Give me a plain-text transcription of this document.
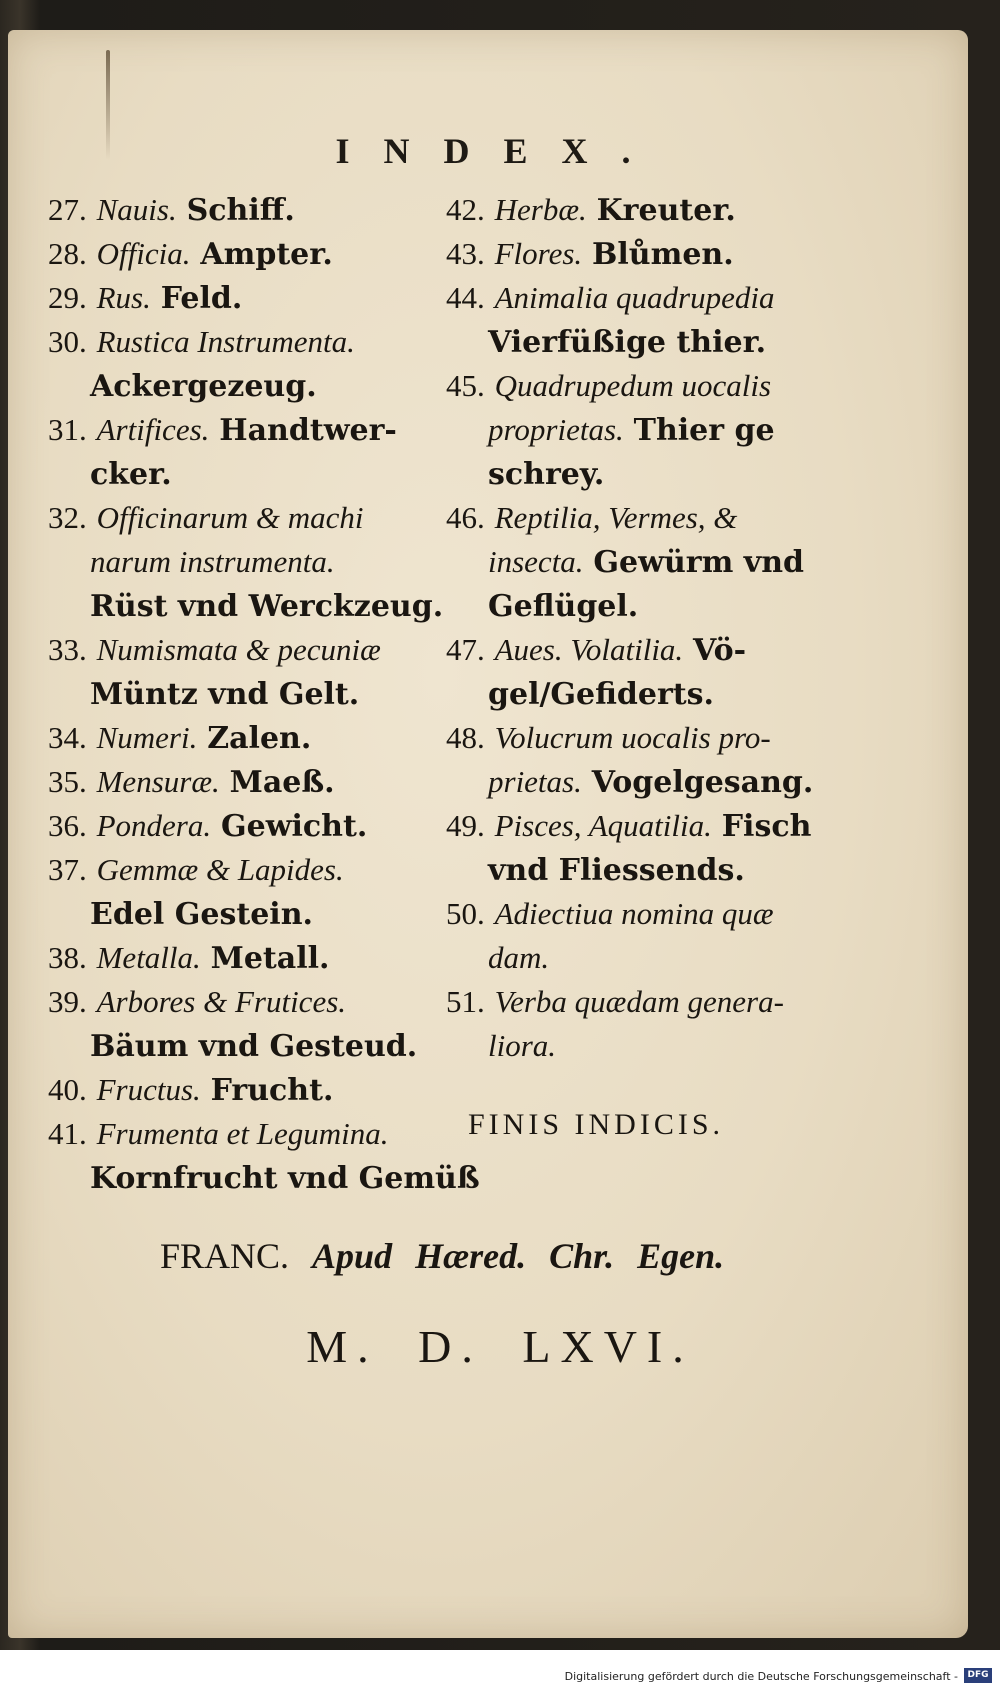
INDEX.
27. Nauis. Schiff.
28. Officia. Ampter.
29. Rus. Feld.
30. Rustica Instrumenta.
Ackergezeug.
31. Artifices. Handtwer-
cker.
32. Officinarum & machi
narum instrumenta.
Rüst vnd Werckzeug.
33. Numismata & pecuniæ
Müntz vnd Gelt.
34. Numeri. Zalen.
35. Mensuræ. Maeß.
36. Pondera. Gewicht.
37. Gemmæ & Lapides.
Edel Gestein.
38. Metalla. Metall.
39. Arbores & Frutices.
Bäum vnd Gesteud.
40. Fructus. Frucht.
41. Frumenta et Legumina.
Kornfrucht vnd Gemüß
42. Herbæ. Kreuter.
43. Flores. Blůmen.
44. Animalia quadrupedia
Vierfüßige thier.
45. Quadrupedum uocalis
proprietas. Thier ge
schrey.
46. Reptilia, Vermes, &
insecta. Gewürm vnd
Geflügel.
47. Aues. Volatilia. Vö-
gel/Gefiderts.
48. Volucrum uocalis pro-
prietas. Vogelgesang.
49. Pisces, Aquatilia. Fisch
vnd Fliessends.
50. Adiectiua nomina quæ
dam.
51. Verba quædam genera-
liora.
FINIS INDICIS.
FRANC. Apud Hæred. Chr. Egen.
M. D. LXVI.
Digitalisierung gefördert durch die Deutsche Forschungsgemeinschaft -	DFG
